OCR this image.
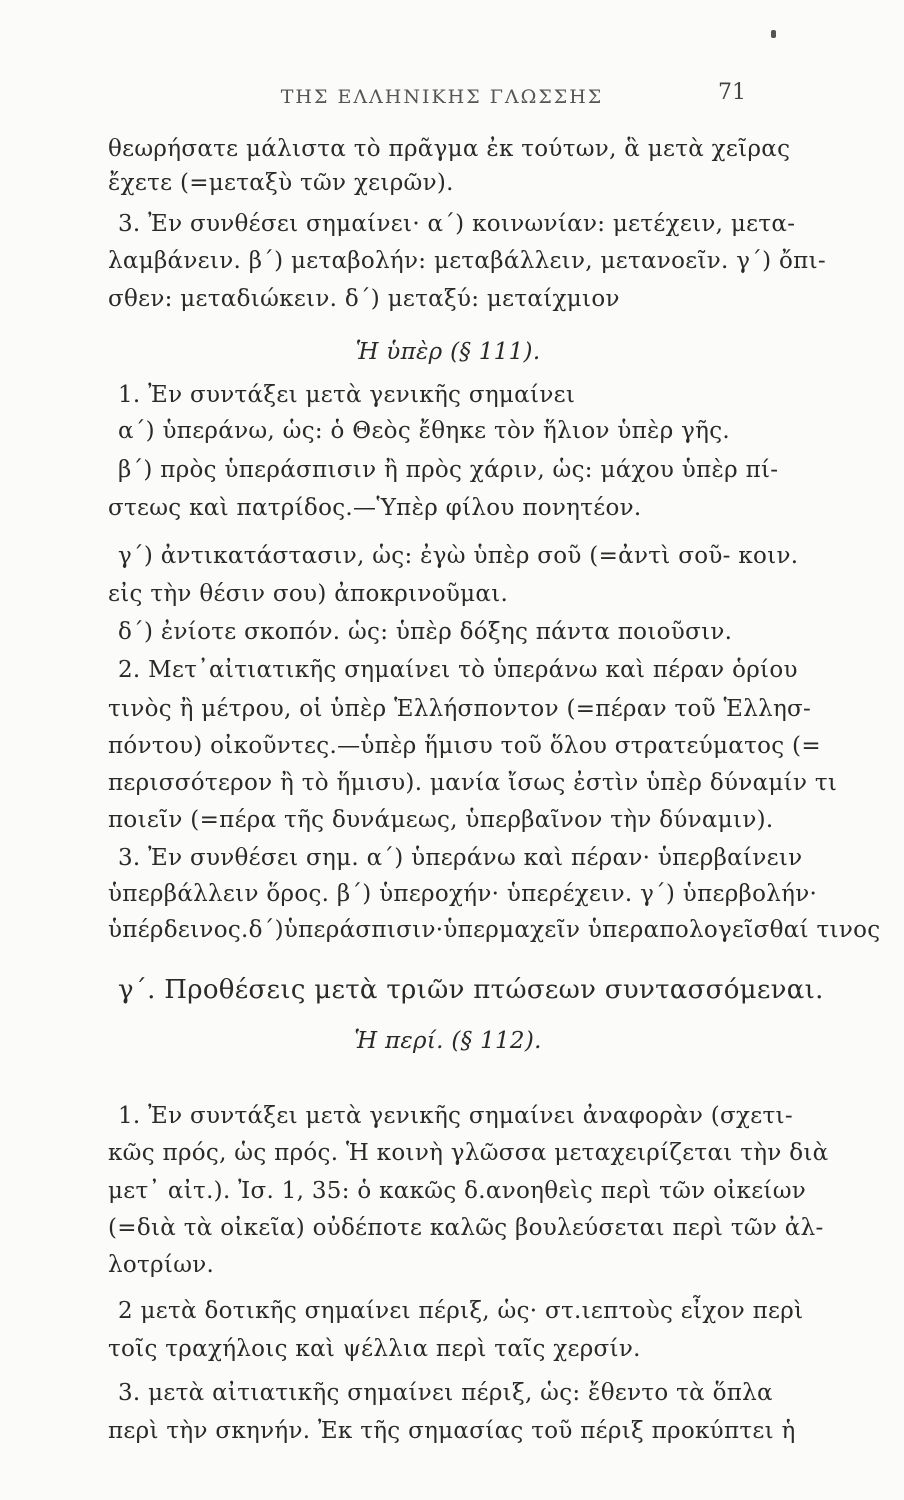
ΤΗΣ ΕΛΛΗΝΙΚΗΣ ΓΛΩΣΣΗΣ	71
θεωρήσατε μάλιστα τὸ πρᾶγμα ἐκ τούτων, ἃ μετὰ χεῖρας
ἔχετε (=μεταξὺ τῶν χειρῶν).
3. Ἐν συνθέσει σημαίνει· α΄) κοινωνίαν: μετέχειν, μετα-
λαμβάνειν. β΄) μεταβολήν: μεταβάλλειν, μετανοεῖν. γ΄) ὄπι-
σθεν: μεταδιώκειν. δ΄) μεταξύ: μεταίχμιον
Ἡ ὑπὲρ (§ 111).
1. Ἐν συντάξει μετὰ γενικῆς σημαίνει
α΄) ὑπεράνω, ὡς: ὁ Θεὸς ἔθηκε τὸν ἥλιον ὑπὲρ γῆς.
β΄) πρὸς ὑπεράσπισιν ἢ πρὸς χάριν, ὡς: μάχου ὑπὲρ πί-
στεως καὶ πατρίδος.—Ὑπὲρ φίλου πονητέον.
γ΄) ἀντικατάστασιν, ὡς: ἐγὼ ὑπὲρ σοῦ (=ἀντὶ σοῦ- κοιν.
εἰς τὴν θέσιν σου) ἀποκρινοῦμαι.
δ΄) ἐνίοτε σκοπόν. ὡς: ὑπὲρ δόξης πάντα ποιοῦσιν.
2. Μετ᾽αἰτιατικῆς σημαίνει τὸ ὑπεράνω καὶ πέραν ὁρίου
τινὸς ἢ μέτρου, οἱ ὑπὲρ Ἑλλήσποντον (=πέραν τοῦ Ἑλλησ-
πόντου) οἰκοῦντες.—ὑπὲρ ἥμισυ τοῦ ὅλου στρατεύματος (=
περισσότερον ἢ τὸ ἥμισυ). μανία ἴσως ἐστὶν ὑπὲρ δύναμίν τι
ποιεῖν (=πέρα τῆς δυνάμεως, ὑπερβαῖνον τὴν δύναμιν).
3. Ἐν συνθέσει σημ. α΄) ὑπεράνω καὶ πέραν· ὑπερβαίνειν
ὑπερβάλλειν ὅρος. β΄) ὑπεροχήν· ὑπερέχειν. γ΄) ὑπερβολήν·
ὑπέρδεινος.δ΄)ὑπεράσπισιν·ὑπερμαχεῖν ὑπεραπολογεῖσθαί τινος
γ΄. Προθέσεις μετὰ τριῶν πτώσεων συντασσόμεναι.
Ἡ περί. (§ 112).
1. Ἐν συντάξει μετὰ γενικῆς σημαίνει ἀναφορὰν (σχετι-
κῶς πρός, ὡς πρός. Ἡ κοινὴ γλῶσσα μεταχειρίζεται τὴν διὰ
μετ᾽ αἰτ.). Ἰσ. 1, 35: ὁ κακῶς δ.ανοηθεὶς περὶ τῶν οἰκείων
(=διὰ τὰ οἰκεῖα) οὐδέποτε καλῶς βουλεύσεται περὶ τῶν ἀλ-
λοτρίων.
2 μετὰ δοτικῆς σημαίνει πέριξ, ὡς· στ.ιεπτοὺς εἶχον περὶ
τοῖς τραχήλοις καὶ ψέλλια περὶ ταῖς χερσίν.
3. μετὰ αἰτιατικῆς σημαίνει πέριξ, ὡς: ἔθεντο τὰ ὅπλα
περὶ τὴν σκηνήν. Ἐκ τῆς σημασίας τοῦ πέριξ προκύπτει ἡ
